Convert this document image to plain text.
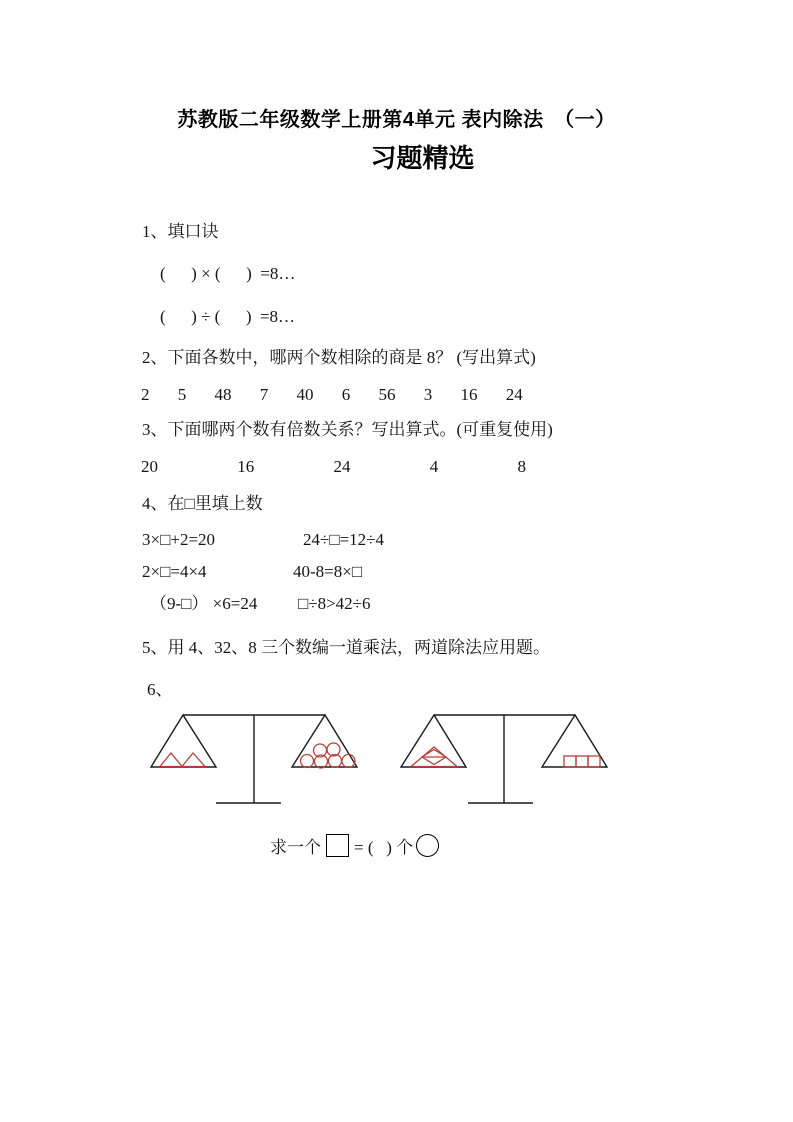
苏教版二年级数学上册第4单元 表内除法　（一）
习题精选
1、填口诀
(      ) × (      )  =8…
(      ) ÷ (      )  =8…
2、下面各数中，哪两个数相除的商是 8？ (写出算式)
2 5 48 7 40 6 56 3 16 24
3、下面哪两个数有倍数关系？写出算式。(可重复使用)
20 16 24 4 8
4、在□里填上数
3×□+2=20	24÷□=12÷4
2×□=4×4	40-8=8×□
（9-□） ×6=24 □÷8>42÷6
5、用 4、32、8 三个数编一道乘法，两道除法应用题。
6、
求一个 = (   ) 个
